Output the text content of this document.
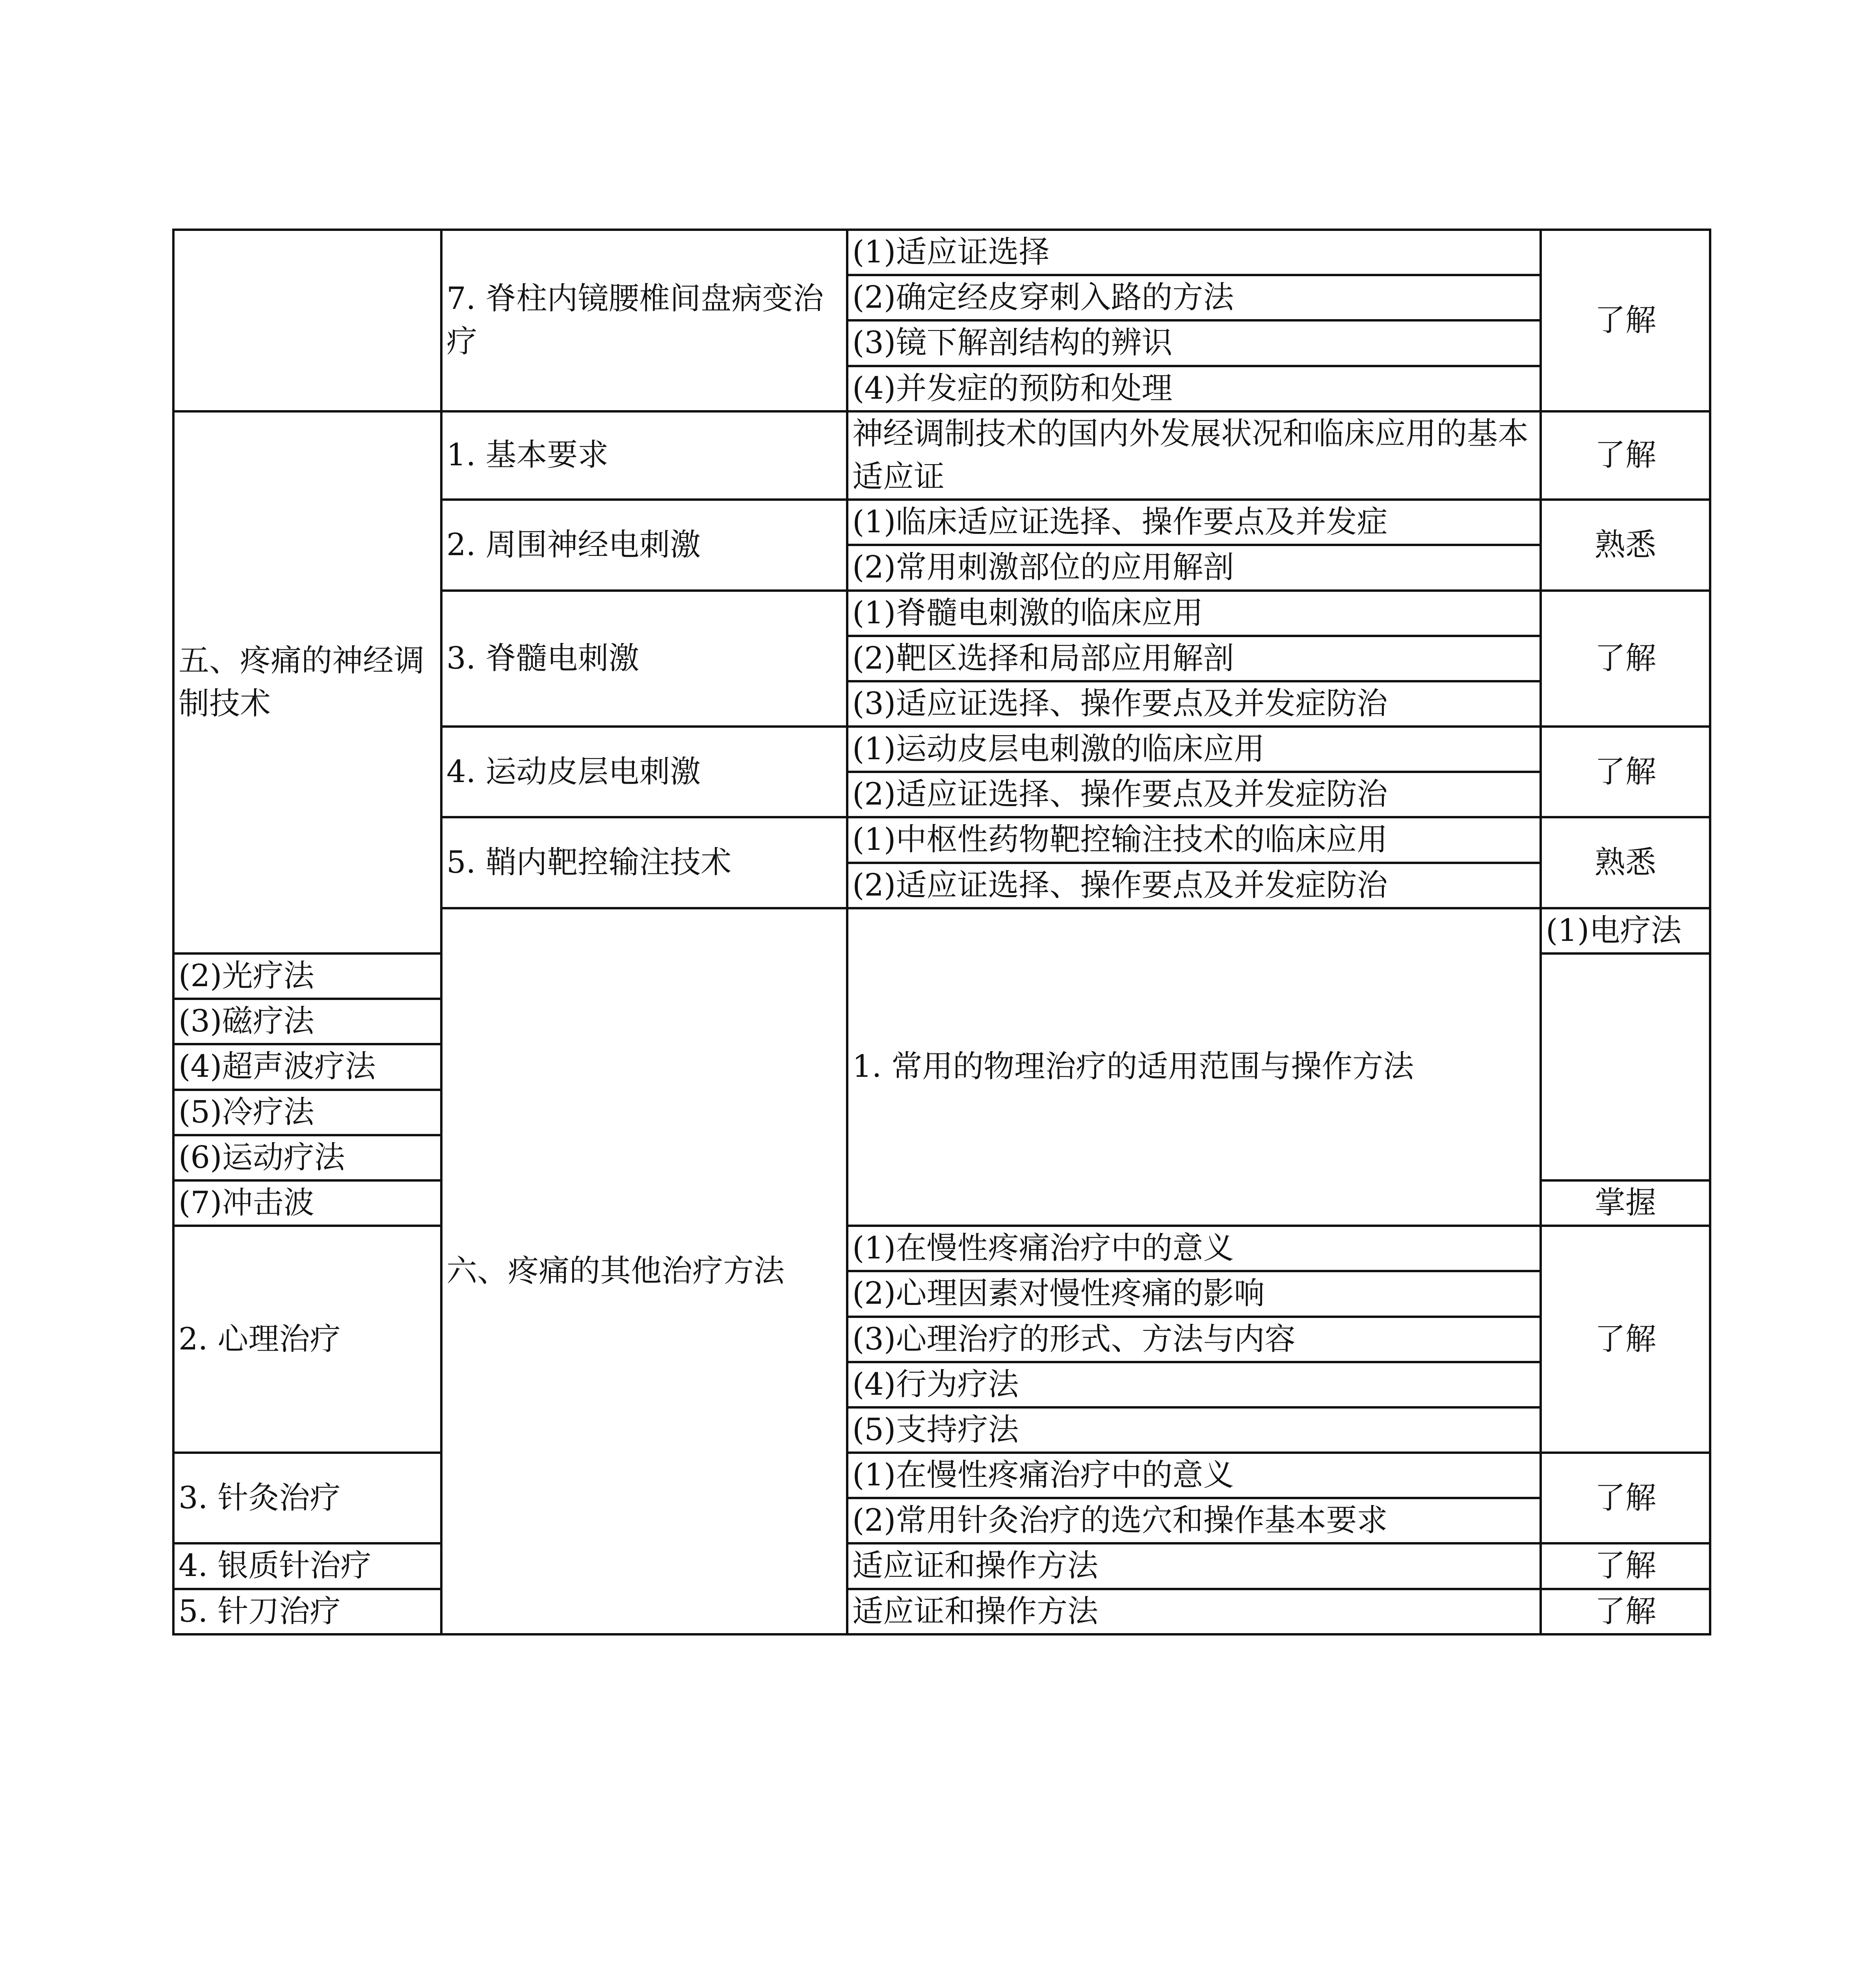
	7. 脊柱内镜腰椎间盘病变治疗	(1)适应证选择	了解	
		(2)确定经皮穿刺入路的方法		
		(3)镜下解剖结构的辨识		
		(4)并发症的预防和处理		
五、疼痛的神经调制技术	1. 基本要求	神经调制技术的国内外发展状况和临床应用的基本适应证	了解	
	2. 周围神经电刺激	(1)临床适应证选择、操作要点及并发症	熟悉	
		(2)常用刺激部位的应用解剖		
	3. 脊髓电刺激	(1)脊髓电刺激的临床应用	了解	
		(2)靶区选择和局部应用解剖		
		(3)适应证选择、操作要点及并发症防治		
	4. 运动皮层电刺激	(1)运动皮层电刺激的临床应用	了解	
		(2)适应证选择、操作要点及并发症防治		
	5. 鞘内靶控输注技术	(1)中枢性药物靶控输注技术的临床应用	熟悉	
		(2)适应证选择、操作要点及并发症防治		
	六、疼痛的其他治疗方法	1. 常用的物理治疗的适用范围与操作方法	(1)电疗法	
(2)光疗法				
(3)磁疗法				
(4)超声波疗法				
(5)冷疗法				
(6)运动疗法				
(7)冲击波			掌握	
2. 心理治疗		(1)在慢性疼痛治疗中的意义	了解	
		(2)心理因素对慢性疼痛的影响		
		(3)心理治疗的形式、方法与内容		
		(4)行为疗法		
		(5)支持疗法		
3. 针灸治疗		(1)在慢性疼痛治疗中的意义	了解	
		(2)常用针灸治疗的选穴和操作基本要求		
4. 银质针治疗		适应证和操作方法	了解	
5. 针刀治疗		适应证和操作方法	了解	
